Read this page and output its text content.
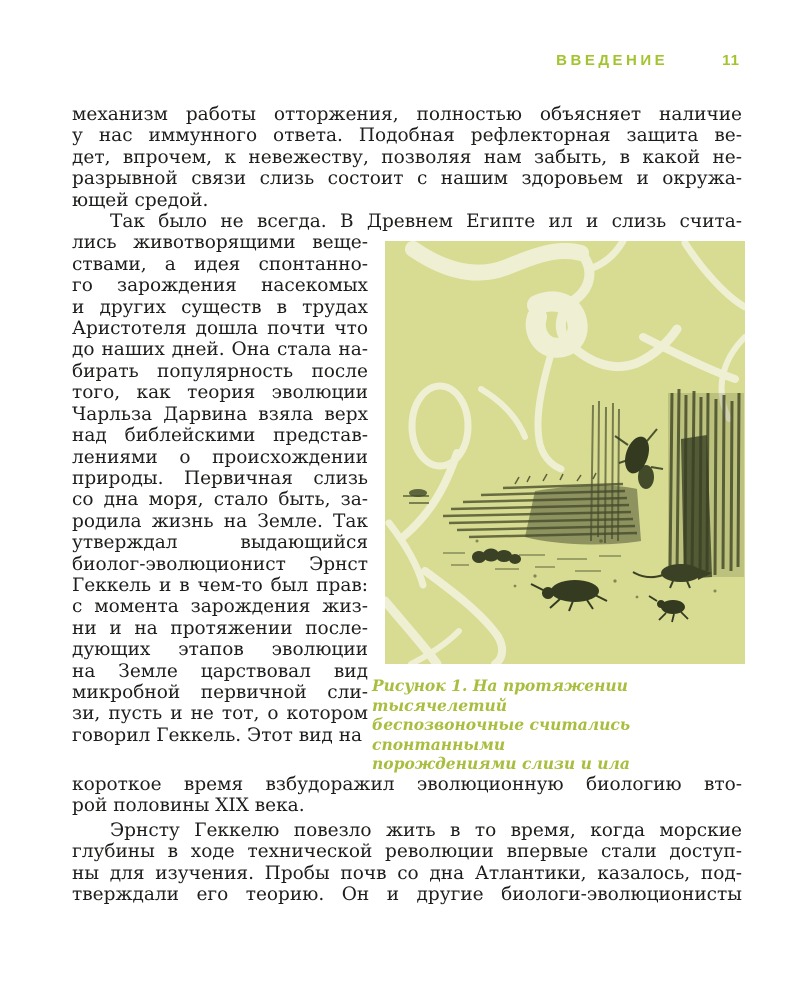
ВВЕДЕНИЕ	11
механизм работы отторжения, полностью объясняет наличие
у нас иммунного ответа. Подобная рефлекторная защита ве-
дет, впрочем, к невежеству, позволяя нам забыть, в какой не-
разрывной связи слизь состоит с нашим здоровьем и окружа-
ющей средой.
Так было не всегда. В Древнем Египте ил и слизь счита-
лись животворящими веще-
ствами, а идея спонтанно-
го зарождения насекомых
и других существ в трудах
Аристотеля дошла почти что
до наших дней. Она стала на-
бирать популярность после
того, как теория эволюции
Чарльза Дарвина взяла верх
над библейскими представ-
лениями о происхождении
природы. Первичная слизь
со дна моря, стало быть, за-
родила жизнь на Земле. Так
утверждал выдающийся
биолог-эволюционист Эрнст
Геккель и в чем-то был прав:
с момента зарождения жиз-
ни и на протяжении после-
дующих этапов эволюции
на Земле царствовал вид
микробной первичной сли-
зи, пусть и не тот, о котором
говорил Геккель. Этот вид на
Рисунок 1. На протяжении тысячелетий
беспозвоночные считались спонтанными
порождениями слизи и ила
короткое время взбудоражил эволюционную биологию вто-
рой половины XIX века.
Эрнсту Геккелю повезло жить в то время, когда морские
глубины в ходе технической революции впервые стали доступ-
ны для изучения. Пробы почв со дна Атлантики, казалось, под-
тверждали его теорию. Он и другие биологи-эволюционисты
